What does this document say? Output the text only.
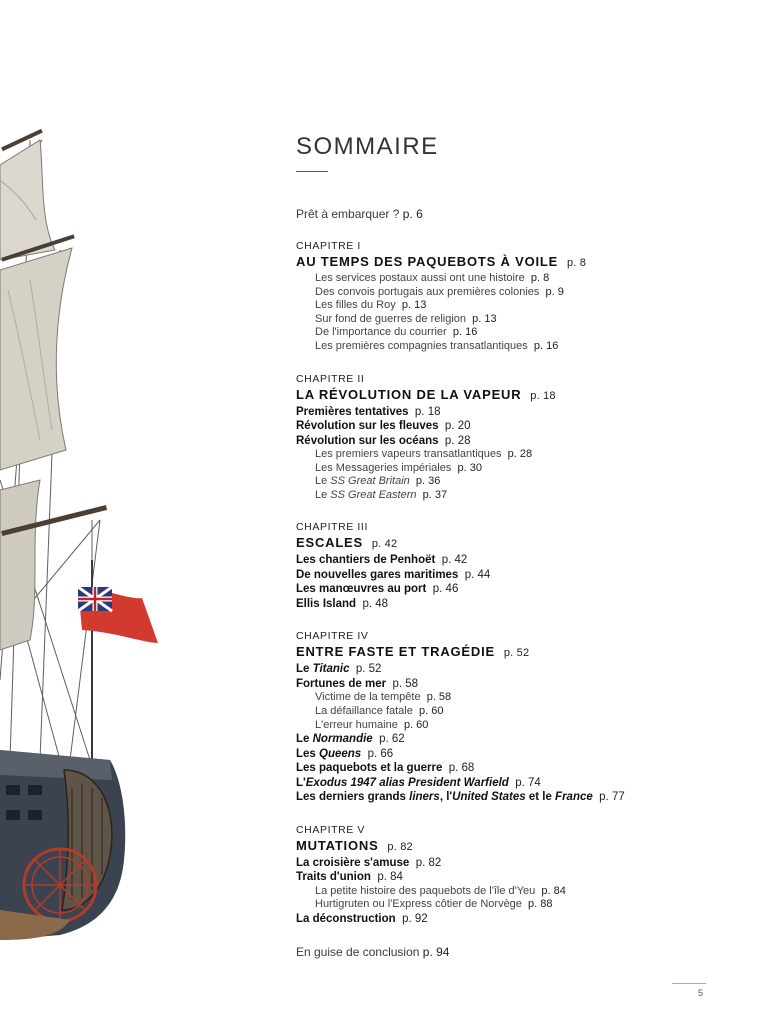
SOMMAIRE
Prêt à embarquer ? p. 6
CHAPITRE I
AU TEMPS DES PAQUEBOTS À VOILE p. 8
Les services postaux aussi ont une histoire p. 8
Des convois portugais aux premières colonies p. 9
Les filles du Roy p. 13
Sur fond de guerres de religion p. 13
De l'importance du courrier p. 16
Les premières compagnies transatlantiques p. 16
CHAPITRE II
LA RÉVOLUTION DE LA VAPEUR p. 18
Premières tentatives p. 18
Révolution sur les fleuves p. 20
Révolution sur les océans p. 28
Les premiers vapeurs transatlantiques p. 28
Les Messageries impériales p. 30
Le SS Great Britain p. 36
Le SS Great Eastern p. 37
CHAPITRE III
ESCALES p. 42
Les chantiers de Penhoët p. 42
De nouvelles gares maritimes p. 44
Les manœuvres au port p. 46
Ellis Island p. 48
CHAPITRE IV
ENTRE FASTE ET TRAGÉDIE p. 52
Le Titanic p. 52
Fortunes de mer p. 58
Victime de la tempête p. 58
La défaillance fatale p. 60
L'erreur humaine p. 60
Le Normandie p. 62
Les Queens p. 66
Les paquebots et la guerre p. 68
L'Exodus 1947 alias President Warfield p. 74
Les derniers grands liners, l'United States et le France p. 77
CHAPITRE V
MUTATIONS p. 82
La croisière s'amuse p. 82
Traits d'union p. 84
La petite histoire des paquebots de l'île d'Yeu p. 84
Hurtigruten ou l'Express côtier de Norvège p. 88
La déconstruction p. 92
En guise de conclusion p. 94
5
